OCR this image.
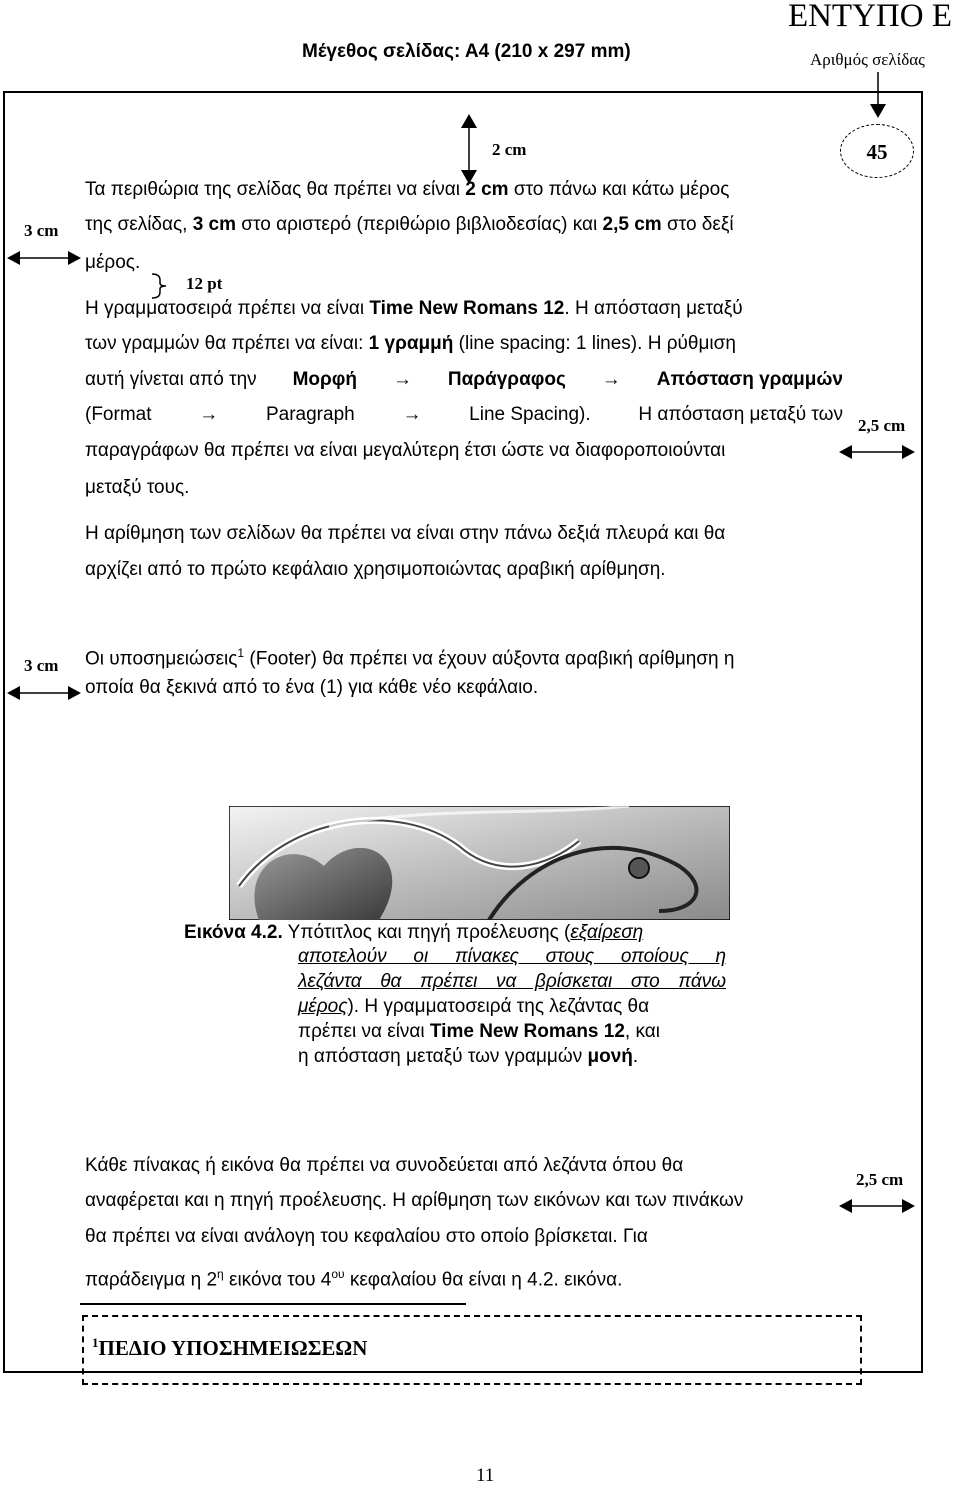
ΕΝΤΥΠΟ Ε
Μέγεθος σελίδας: Α4 (210 x 297 mm)	Αριθμός σελίδας
45
2 cm
3 cm
12 pt
Τα περιθώρια της σελίδας θα πρέπει να είναι 2 cm στο πάνω και κάτω μέρος
της σελίδας, 3 cm στο αριστερό (περιθώριο βιβλιοδεσίας) και 2,5 cm στο δεξί
μέρος.
Η γραμματοσειρά πρέπει να είναι Time New Romans 12. Η απόσταση μεταξύ
των γραμμών θα πρέπει να είναι: 1 γραμμή (line spacing: 1 lines). Η ρύθμιση
αυτή γίνεται από την Μορφή → Παράγραφος → Απόσταση γραμμών
(Format	→	Paragraph	→	Line Spacing).	Η απόσταση μεταξύ των
παραγράφων θα πρέπει να είναι μεγαλύτερη έτσι ώστε να διαφοροποιούνται
μεταξύ τους.
2,5 cm
Η αρίθμηση των σελίδων θα πρέπει να είναι στην πάνω δεξιά πλευρά και θα
αρχίζει από το πρώτο κεφάλαιο χρησιμοποιώντας αραβική αρίθμηση.
3 cm Οι υποσημειώσεις$^1$ (Footer) θα πρέπει να έχουν αύξοντα αραβική αρίθμηση η
οποία θα ξεκινά από το ένα (1) για κάθε νέο κεφάλαιο.
Εικόνα 4.2. Υπότιτλος και πηγή προέλευσης (εξαίρεση
αποτελούν οι πίνακες στους οποίους η
λεζάντα θα πρέπει να βρίσκεται στο πάνω
μέρος). Η γραμματοσειρά της λεζάντας θα
πρέπει να είναι Time New Romans 12, και
η απόσταση μεταξύ των γραμμών μονή.
Κάθε πίνακας ή εικόνα θα πρέπει να συνοδεύεται από λεζάντα όπου θα
αναφέρεται και η πηγή προέλευσης. Η αρίθμηση των εικόνων και των πινάκων
θα πρέπει να είναι ανάλογη του κεφαλαίου στο οποίο βρίσκεται. Για
παράδειγμα η $2^\eta$ εικόνα του $4^{o\upsilon}$ κεφαλαίου θα είναι η 4.2. εικόνα.
2,5 cm
$^1$ΠΕΔΙΟ ΥΠΟΣΗΜΕΙΩΣΕΩΝ
11
